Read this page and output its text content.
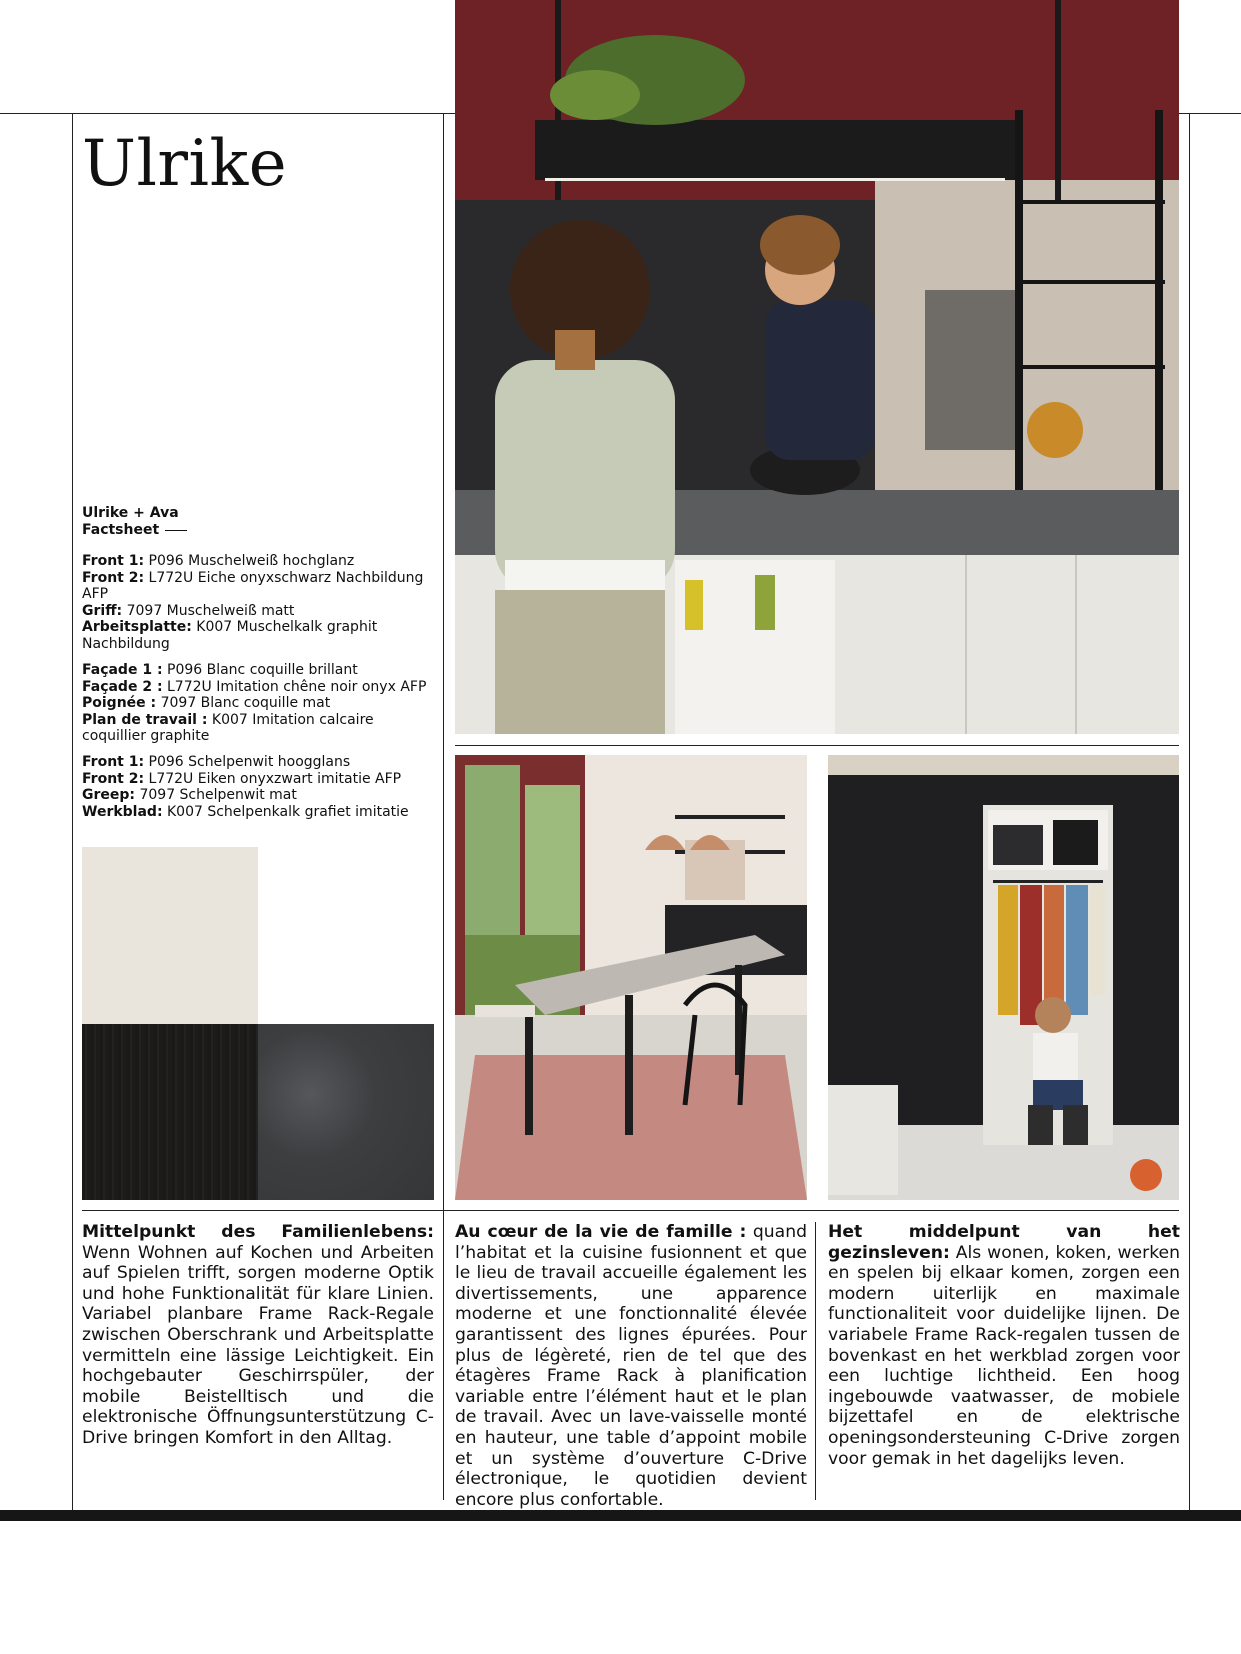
Ulrike
Ulrike + Ava
Factsheet

Front 1: P096 Muschelweiß hochglanz

Front 2: L772U Eiche onyxschwarz Nachbildung AFP

Griff: 7097 Muschelweiß matt

Arbeitsplatte: K007 Muschelkalk graphit Nachbildung

Façade 1 : P096 Blanc coquille brillant

Façade 2 : L772U Imitation chêne noir onyx AFP

Poignée : 7097 Blanc coquille mat

Plan de travail : K007 Imitation calcaire coquillier graphite

Front 1: P096 Schelpenwit hoogglans

Front 2: L772U Eiken onyxzwart imitatie AFP

Greep: 7097 Schelpenwit mat

Werkblad: K007 Schelpenkalk grafiet imitatie

Mittelpunkt des Familienlebens: Wenn Wohnen auf Kochen und Arbeiten auf Spielen trifft, sorgen moderne Optik und hohe Funktionalität für klare Linien. Variabel planbare Frame Rack-Regale zwischen Oberschrank und Arbeitsplatte vermitteln eine lässige Leichtigkeit. Ein hochgebauter Geschirrspüler, der mobile Beistelltisch und die elektronische Öffnungsunterstützung C-Drive bringen Komfort in den Alltag.
Au cœur de la vie de famille : quand l’habitat et la cuisine fusionnent et que le lieu de travail accueille également les divertissements, une apparence moderne et une fonctionnalité élevée garantissent des lignes épurées. Pour plus de légèreté, rien de tel que des étagères Frame Rack à planification variable entre l’élément haut et le plan de travail. Avec un lave-vaisselle monté en hauteur, une table d’appoint mobile et un système d’ouverture C-Drive électronique, le quotidien devient encore plus confortable.
Het middelpunt van het gezinsleven: Als wonen, koken, werken en spelen bij elkaar komen, zorgen een modern uiterlijk en maximale functionaliteit voor duidelijke lijnen. De variabele Frame Rack-regalen tussen de bovenkast en het werkblad zorgen voor een luchtige lichtheid. Een hoog ingebouwde vaatwasser, de mobiele bijzettafel en de elektrische openingsondersteuning C-Drive zorgen voor gemak in het dagelijks leven.
